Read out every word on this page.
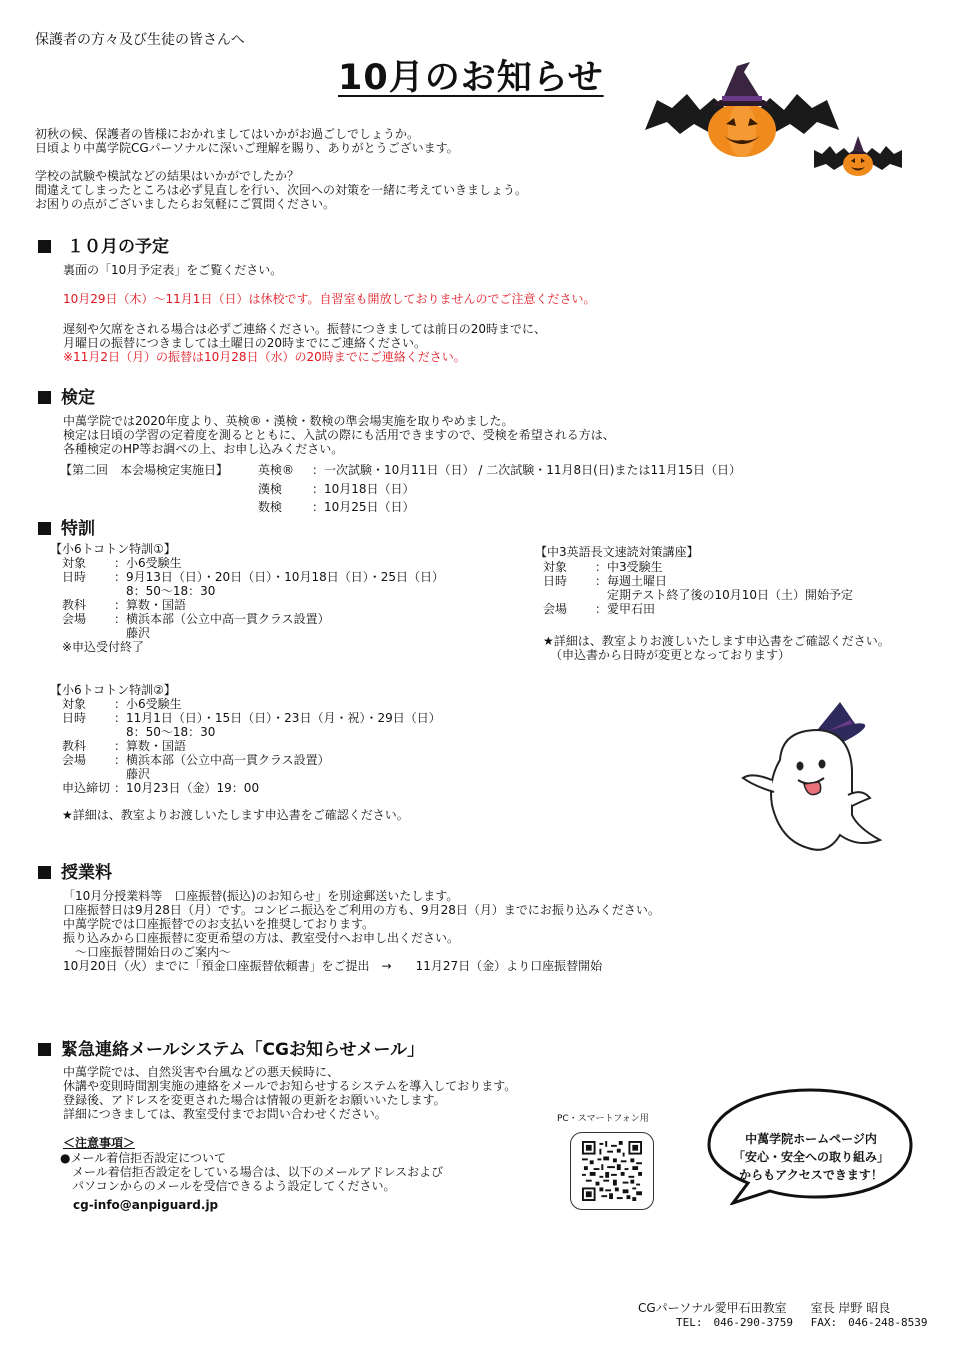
保護者の方々及び生徒の皆さんへ
10月のお知らせ
初秋の候、保護者の皆様におかれましてはいかがお過ごしでしょうか。
日頃より中萬学院CGパーソナルに深いご理解を賜り、ありがとうございます。
学校の試験や模試などの結果はいかがでしたか？
間違えてしまったところは必ず見直しを行い、次回への対策を一緒に考えていきましょう。
お困りの点がございましたらお気軽にご質問ください。
１０月の予定
裏面の「10月予定表」をご覧ください。
10月29日（木）～11月1日（日）は休校です。自習室も開放しておりませんのでご注意ください。
遅刻や欠席をされる場合は必ずご連絡ください。振替につきましては前日の20時までに、
月曜日の振替につきましては土曜日の20時までにご連絡ください。
※11月2日（月）の振替は10月28日（水）の20時までにご連絡ください。
検定
中萬学院では2020年度より、英検®・漢検・数検の準会場実施を取りやめました。
検定は日頃の学習の定着度を測るとともに、入試の際にも活用できますので、受検を希望される方は、
各種検定のHP等お調べの上、お申し込みください。
【第二回　本会場検定実施日】 英検® ：一次試験・10月11日（日） / 二次試験・11月8日(日)または11月15日（日）
漢検 ：10月18日（日）
数検 ：10月25日（日）
特訓
【小6トコトン特訓①】
対象	：小6受験生
日時	：9月13日（日）・20日（日）・10月18日（日）・25日（日）
	　8：50～18：30
教科	：算数・国語
会場	：横浜本部（公立中高一貫クラス設置）
	　藤沢
※申込受付終了
【中3英語長文速読対策講座】
対象	：中3受験生
日時	：毎週土曜日
	　定期テスト終了後の10月10日（土）開始予定
会場	：愛甲石田
★詳細は、教室よりお渡しいたします申込書をご確認ください。
（申込書から日時が変更となっております）
【小6トコトン特訓②】
対象	：小6受験生
日時	：11月1日（日）・15日（日）・23日（月・祝）・29日（日）
	　8：50～18：30
教科	：算数・国語
会場	：横浜本部（公立中高一貫クラス設置）
	　藤沢
申込締切	：10月23日（金）19：00
★詳細は、教室よりお渡しいたします申込書をご確認ください。
授業料
「10月分授業料等　口座振替(振込)のお知らせ」を別途郵送いたします。
口座振替日は9月28日（月）です。コンビニ振込をご利用の方も、9月28日（月）までにお振り込みください。
中萬学院では口座振替でのお支払いを推奨しております。
振り込みから口座振替に変更希望の方は、教室受付へお申し出ください。
　～口座振替開始日のご案内～
10月20日（火）までに「預金口座振替依頼書」をご提出　→　　11月27日（金）より口座振替開始
緊急連絡メールシステム「CGお知らせメール」
中萬学院では、自然災害や台風などの悪天候時に、
休講や変則時間割実施の連絡をメールでお知らせするシステムを導入しております。
登録後、アドレスを変更された場合は情報の更新をお願いいたします。
詳細につきましては、教室受付までお問い合わせください。
＜注意事項＞
●メール着信拒否設定について
　メール着信拒否設定をしている場合は、以下のメールアドレスおよび
　パソコンからのメールを受信できるよう設定してください。
cg-info@anpiguard.jp
PC・スマートフォン用
中萬学院ホームページ内
「安心・安全への取り組み」
からもアクセスできます！
CGパーソナル愛甲石田教室　　室長 岸野 昭良
TEL:　046-290-3759　 FAX:　046-248-8539
